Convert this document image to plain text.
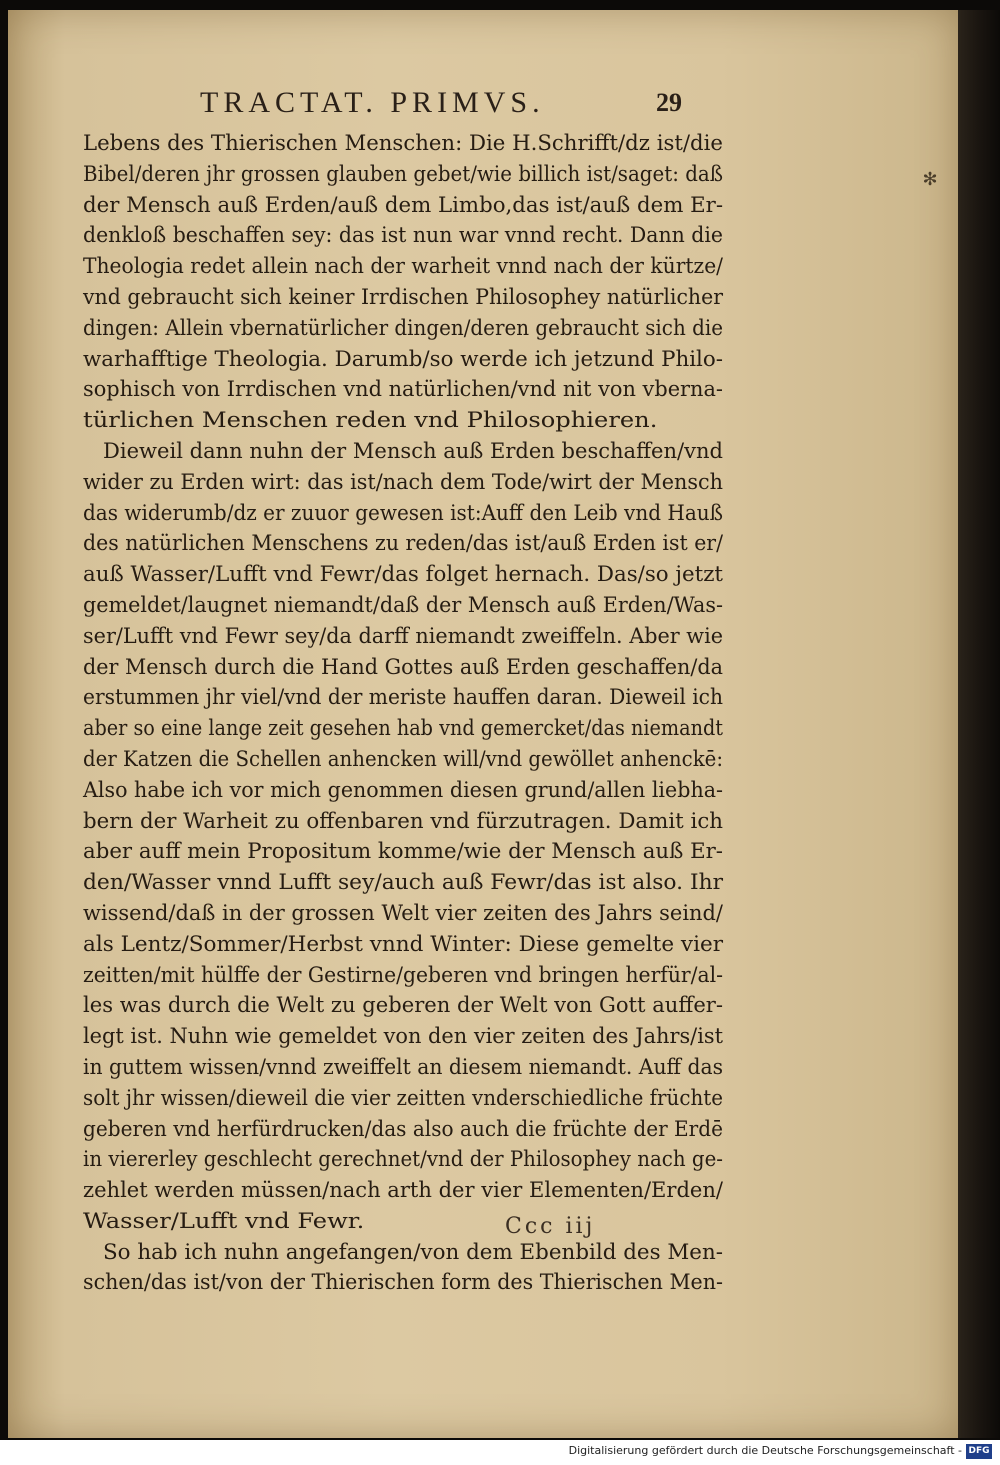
✻
TRACTAT. PRIMVS.	29
Lebens des Thierischen Menschen: Die H.Schrifft/dz ist/die
Bibel/deren jhr grossen glauben gebet/wie billich ist/saget: daß
der Mensch auß Erden/auß dem Limbo,das ist/auß dem Er-
denkloß beschaffen sey: das ist nun war vnnd recht. Dann die
Theologia redet allein nach der warheit vnnd nach der kürtze/
vnd gebraucht sich keiner Irrdischen Philosophey natürlicher
dingen: Allein vbernatürlicher dingen/deren gebraucht sich die
warhafftige Theologia. Darumb/so werde ich jetzund Philo-
sophisch von Irrdischen vnd natürlichen/vnd nit von vberna-
türlichen Menschen reden vnd Philosophieren.
Dieweil dann nuhn der Mensch auß Erden beschaffen/vnd
wider zu Erden wirt: das ist/nach dem Tode/wirt der Mensch
das widerumb/dz er zuuor gewesen ist:Auff den Leib vnd Hauß
des natürlichen Menschens zu reden/das ist/auß Erden ist er/
auß Wasser/Lufft vnd Fewr/das folget hernach. Das/so jetzt
gemeldet/laugnet niemandt/daß der Mensch auß Erden/Was-
ser/Lufft vnd Fewr sey/da darff niemandt zweiffeln. Aber wie
der Mensch durch die Hand Gottes auß Erden geschaffen/da
erstummen jhr viel/vnd der meriste hauffen daran. Dieweil ich
aber so eine lange zeit gesehen hab vnd gemercket/das niemandt
der Katzen die Schellen anhencken will/vnd gewöllet anhenckē:
Also habe ich vor mich genommen diesen grund/allen liebha-
bern der Warheit zu offenbaren vnd fürzutragen. Damit ich
aber auff mein Propositum komme/wie der Mensch auß Er-
den/Wasser vnnd Lufft sey/auch auß Fewr/das ist also. Ihr
wissend/daß in der grossen Welt vier zeiten des Jahrs seind/
als Lentz/Sommer/Herbst vnnd Winter: Diese gemelte vier
zeitten/mit hülffe der Gestirne/geberen vnd bringen herfür/al-
les was durch die Welt zu geberen der Welt von Gott auffer-
legt ist. Nuhn wie gemeldet von den vier zeiten des Jahrs/ist
in guttem wissen/vnnd zweiffelt an diesem niemandt. Auff das
solt jhr wissen/dieweil die vier zeitten vnderschiedliche früchte
geberen vnd herfürdrucken/das also auch die früchte der Erdē
in viererley geschlecht gerechnet/vnd der Philosophey nach ge-
zehlet werden müssen/nach arth der vier Elementen/Erden/
Wasser/Lufft vnd Fewr.
So hab ich nuhn angefangen/von dem Ebenbild des Men-
schen/das ist/von der Thierischen form des Thierischen Men-
Ccc iij
Digitalisierung gefördert durch die Deutsche Forschungsgemeinschaft - DFG
